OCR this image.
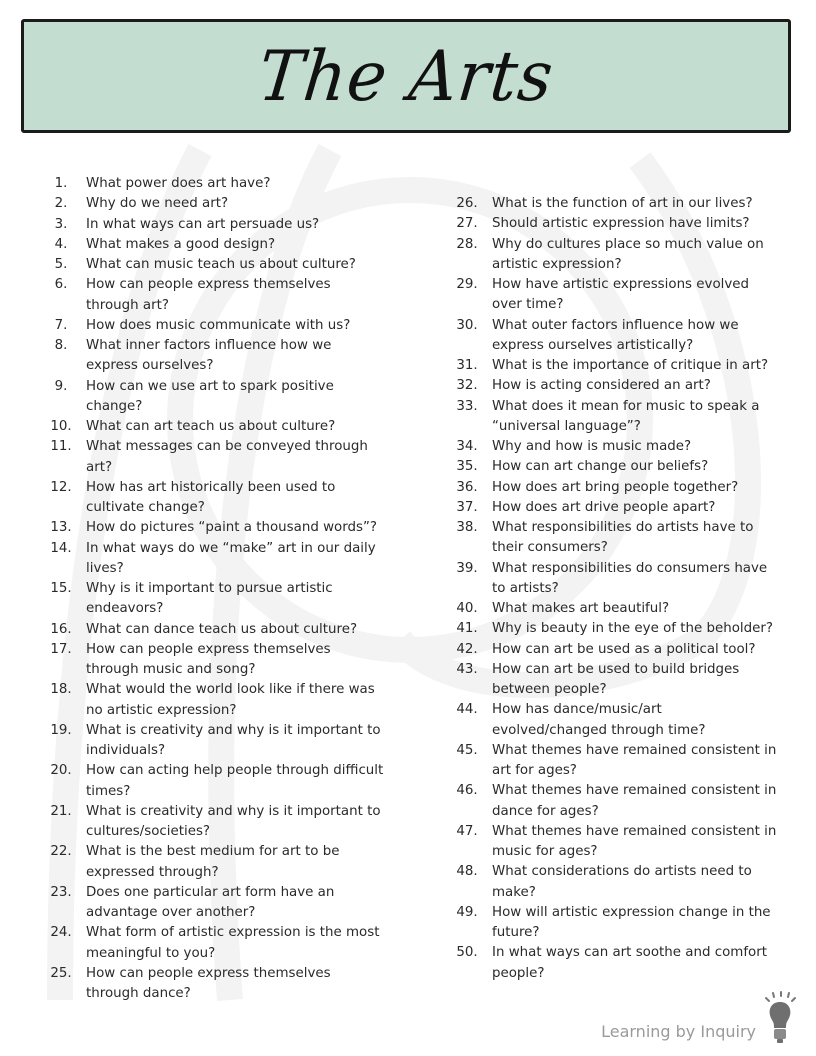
The Arts
1.	What power does art have?
2.	Why do we need art?
3.	In what ways can art persuade us?
4.	What makes a good design?
5.	What can music teach us about culture?
6.	How can people express themselves
through art?
7.	How does music communicate with us?
8.	What inner factors influence how we
express ourselves?
9.	How can we use art to spark positive
change?
10.	What can art teach us about culture?
11.	What messages can be conveyed through
art?
12.	How has art historically been used to
cultivate change?
13.	How do pictures “paint a thousand words”?
14.	In what ways do we “make” art in our daily
lives?
15.	Why is it important to pursue artistic
endeavors?
16.	What can dance teach us about culture?
17.	How can people express themselves
through music and song?
18.	What would the world look like if there was
no artistic expression?
19.	What is creativity and why is it important to
individuals?
20.	How can acting help people through difficult
times?
21.	What is creativity and why is it important to
cultures/societies?
22.	What is the best medium for art to be
expressed through?
23.	Does one particular art form have an
advantage over another?
24.	What form of artistic expression is the most
meaningful to you?
25.	How can people express themselves
through dance?
26.	What is the function of art in our lives?
27.	Should artistic expression have limits?
28.	Why do cultures place so much value on
artistic expression?
29.	How have artistic expressions evolved
over time?
30.	What outer factors influence how we
express ourselves artistically?
31.	What is the importance of critique in art?
32.	How is acting considered an art?
33.	What does it mean for music to speak a
“universal language”?
34.	Why and how is music made?
35.	How can art change our beliefs?
36.	How does art bring people together?
37.	How does art drive people apart?
38.	What responsibilities do artists have to
their consumers?
39.	What responsibilities do consumers have
to artists?
40.	What makes art beautiful?
41.	Why is beauty in the eye of the beholder?
42.	How can art be used as a political tool?
43.	How can art be used to build bridges
between people?
44.	How has dance/music/art
evolved/changed through time?
45.	What themes have remained consistent in
art for ages?
46.	What themes have remained consistent in
dance for ages?
47.	What themes have remained consistent in
music for ages?
48.	What considerations do artists need to
make?
49.	How will artistic expression change in the
future?
50.	In what ways can art soothe and comfort
people?
Learning by Inquiry
